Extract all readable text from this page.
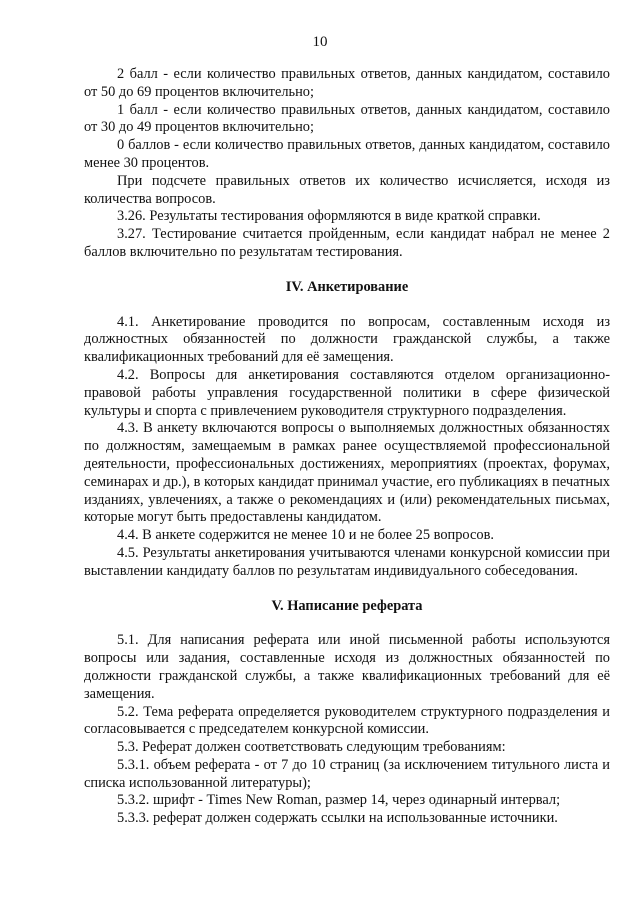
10

2 балл - если количество правильных ответов, данных кандидатом, составило от 50 до 69 процентов включительно;

1 балл - если количество правильных ответов, данных кандидатом, составило от 30 до 49 процентов включительно;

0 баллов - если количество правильных ответов, данных кандидатом, составило менее 30 процентов.

При подсчете правильных ответов их количество исчисляется, исходя из количества вопросов.

3.26. Результаты тестирования оформляются в виде краткой справки.

3.27. Тестирование считается пройденным, если кандидат набрал не менее 2 баллов включительно по результатам тестирования.

IV. Анкетирование

4.1. Анкетирование проводится по вопросам, составленным исходя из должностных обязанностей по должности гражданской службы, а также квалификационных требований для её замещения.

4.2. Вопросы для анкетирования составляются отделом организационно-правовой работы управления государственной политики в сфере физической культуры и спорта с привлечением руководителя структурного подразделения.

4.3. В анкету включаются вопросы о выполняемых должностных обязанностях по должностям, замещаемым в рамках ранее осуществляемой профессиональной деятельности, профессиональных достижениях, мероприятиях (проектах, форумах, семинарах и др.), в которых кандидат принимал участие, его публикациях в печатных изданиях, увлечениях, а также о рекомендациях и (или) рекомендательных письмах, которые могут быть предоставлены кандидатом.

4.4. В анкете содержится не менее 10 и не более 25 вопросов.

4.5. Результаты анкетирования учитываются членами конкурсной комиссии при выставлении кандидату баллов по результатам индивидуального собеседования.

V. Написание реферата

5.1. Для написания реферата или иной письменной работы используются вопросы или задания, составленные исходя из должностных обязанностей по должности гражданской службы, а также квалификационных требований для её замещения.

5.2. Тема реферата определяется руководителем структурного подразделения и согласовывается с председателем конкурсной комиссии.

5.3. Реферат должен соответствовать следующим требованиям:

5.3.1. объем реферата - от 7 до 10 страниц (за исключением титульного листа и списка использованной литературы);

5.3.2. шрифт - Times New Roman, размер 14, через одинарный интервал;

5.3.3. реферат должен содержать ссылки на использованные источники.
